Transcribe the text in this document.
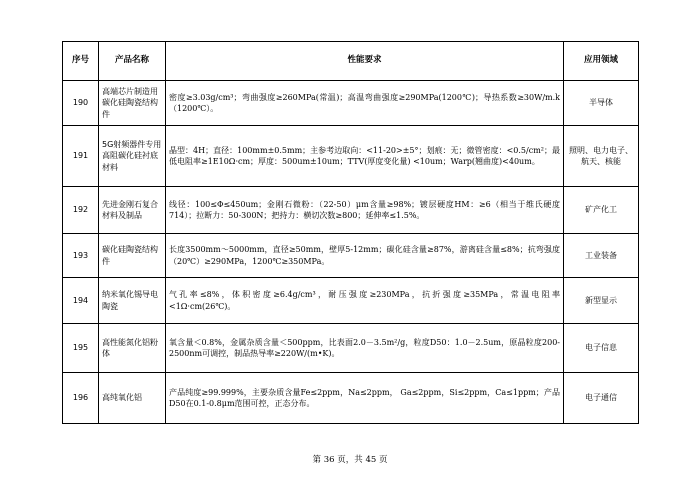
序号	产品名称	性能要求	应用领域
190	高端芯片制造用碳化硅陶瓷结构件	密度≥3.03g/cm³；弯曲强度≥260MPa(常温)；高温弯曲强度≥290MPa(1200℃)；导热系数≥30W/m.k（1200℃）。	半导体
191	5G射频器件专用高阻碳化硅衬底材料	晶型：4H；直径：100mm±0.5mm；主参考边取向：<11-20>±5°；划痕：无；微管密度：<0.5/cm²；最低电阻率≥1E10Ω·cm；厚度：500um±10um；TTV(厚度变化量) <10um；Warp(翘曲度)<40um。	照明、电力电子、航天、核能
192	先进金刚石复合材料及制品	线径：100≤Φ≤450um；金刚石微粉：（22-50）μm含量≥98%；镀层硬度HM：≥6（相当于维氏硬度714）；拉断力：50-300N；把持力：横切次数≥800；延伸率≤1.5%。	矿产化工
193	碳化硅陶瓷结构件	长度3500mm～5000mm，直径≥50mm，壁厚5-12mm；碳化硅含量≥87%，游离硅含量≤8%；抗弯强度（20℃）≥290MPa，1200℃≥350MPa。	工业装备
194	纳米氧化锡导电陶瓷	气孔率≤8%，体积密度≥6.4g/cm³，耐压强度≥230MPa，抗折强度≥35MPa，常温电阻率<1Ω·cm(26℃)。	新型显示
195	高性能氮化铝粉体	氧含量＜0.8%，金属杂质含量＜500ppm，比表面2.0－3.5m²/g，粒度D50：1.0－2.5um，原晶粒度200-2500nm可调控，制品热导率≥220W/(m•K)。	电子信息
196	高纯氧化铝	产品纯度≥99.999%，主要杂质含量Fe≤2ppm，Na≤2ppm， Ga≤2ppm，Si≤2ppm，Ca≤1ppm；产品D50在0.1-0.8μm范围可控，正态分布。	电子通信
第 36 页，共 45 页
